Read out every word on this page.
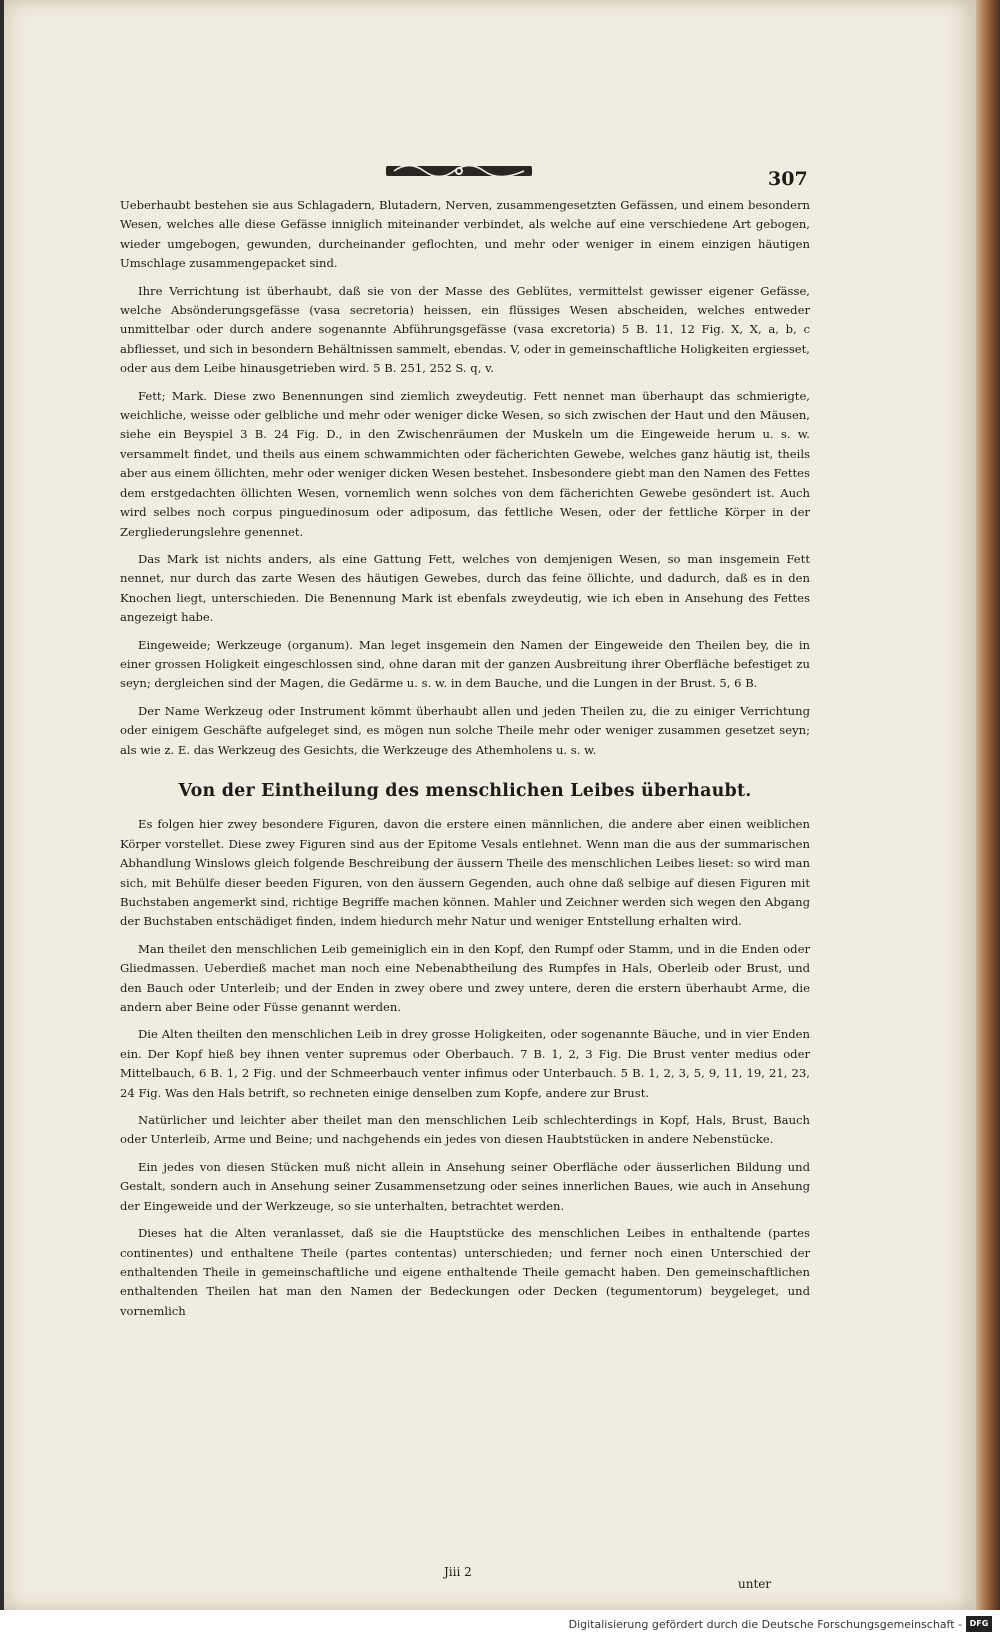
307

Ueberhaubt bestehen sie aus Schlagadern, Blutadern, Nerven, zusammengesetzten Gefässen, und einem besondern Wesen, welches alle diese Gefässe inniglich miteinander verbindet, als welche auf eine verschiedene Art gebogen, wieder umgebogen, gewunden, durcheinander geflochten, und mehr oder weniger in einem einzigen häutigen Umschlage zusammengepacket sind.

Ihre Verrichtung ist überhaubt, daß sie von der Masse des Geblütes, vermittelst gewisser eigener Gefässe, welche Absönderungsgefässe (vasa secretoria) heissen, ein flüssiges Wesen abscheiden, welches entweder unmittelbar oder durch andere sogenannte Abführungsgefässe (vasa excretoria) 5 B. 11, 12 Fig. X, X, a, b, c abfliesset, und sich in besondern Behältnissen sammelt, ebendas. V, oder in gemeinschaftliche Holigkeiten ergiesset, oder aus dem Leibe hinausgetrieben wird. 5 B. 251, 252 S. q, v.

Fett; Mark. Diese zwo Benennungen sind ziemlich zweydeutig. Fett nennet man überhaupt das schmierigte, weichliche, weisse oder gelbliche und mehr oder weniger dicke Wesen, so sich zwischen der Haut und den Mäusen, siehe ein Beyspiel 3 B. 24 Fig. D., in den Zwischenräumen der Muskeln um die Eingeweide herum u. s. w. versammelt findet, und theils aus einem schwammichten oder fächerichten Gewebe, welches ganz häutig ist, theils aber aus einem öllichten, mehr oder weniger dicken Wesen bestehet. Insbesondere giebt man den Namen des Fettes dem erstgedachten öllichten Wesen, vornemlich wenn solches von dem fächerichten Gewebe gesöndert ist. Auch wird selbes noch corpus pinguedinosum oder adiposum, das fettliche Wesen, oder der fettliche Körper in der Zergliederungslehre genennet.

Das Mark ist nichts anders, als eine Gattung Fett, welches von demjenigen Wesen, so man insgemein Fett nennet, nur durch das zarte Wesen des häutigen Gewebes, durch das feine öllichte, und dadurch, daß es in den Knochen liegt, unterschieden. Die Benennung Mark ist ebenfals zweydeutig, wie ich eben in Ansehung des Fettes angezeigt habe.

Eingeweide; Werkzeuge (organum). Man leget insgemein den Namen der Eingeweide den Theilen bey, die in einer grossen Holigkeit eingeschlossen sind, ohne daran mit der ganzen Ausbreitung ihrer Oberfläche befestiget zu seyn; dergleichen sind der Magen, die Gedärme u. s. w. in dem Bauche, und die Lungen in der Brust. 5, 6 B.

Der Name Werkzeug oder Instrument kömmt überhaubt allen und jeden Theilen zu, die zu einiger Verrichtung oder einigem Geschäfte aufgeleget sind, es mögen nun solche Theile mehr oder weniger zusammen gesetzet seyn; als wie z. E. das Werkzeug des Gesichts, die Werkzeuge des Athemholens u. s. w.

Von der Eintheilung des menschlichen Leibes überhaubt.

Es folgen hier zwey besondere Figuren, davon die erstere einen männlichen, die andere aber einen weiblichen Körper vorstellet. Diese zwey Figuren sind aus der Epitome Vesals entlehnet. Wenn man die aus der summarischen Abhandlung Winslows gleich folgende Beschreibung der äussern Theile des menschlichen Leibes lieset: so wird man sich, mit Behülfe dieser beeden Figuren, von den äussern Gegenden, auch ohne daß selbige auf diesen Figuren mit Buchstaben angemerkt sind, richtige Begriffe machen können. Mahler und Zeichner werden sich wegen den Abgang der Buchstaben entschädiget finden, indem hiedurch mehr Natur und weniger Entstellung erhalten wird.

Man theilet den menschlichen Leib gemeiniglich ein in den Kopf, den Rumpf oder Stamm, und in die Enden oder Gliedmassen. Ueberdieß machet man noch eine Nebenabtheilung des Rumpfes in Hals, Oberleib oder Brust, und den Bauch oder Unterleib; und der Enden in zwey obere und zwey untere, deren die erstern überhaubt Arme, die andern aber Beine oder Füsse genannt werden.

Die Alten theilten den menschlichen Leib in drey grosse Holigkeiten, oder sogenannte Bäuche, und in vier Enden ein. Der Kopf hieß bey ihnen venter supremus oder Oberbauch. 7 B. 1, 2, 3 Fig. Die Brust venter medius oder Mittelbauch, 6 B. 1, 2 Fig. und der Schmeerbauch venter infimus oder Unterbauch. 5 B. 1, 2, 3, 5, 9, 11, 19, 21, 23, 24 Fig. Was den Hals betrift, so rechneten einige denselben zum Kopfe, andere zur Brust.

Natürlicher und leichter aber theilet man den menschlichen Leib schlechterdings in Kopf, Hals, Brust, Bauch oder Unterleib, Arme und Beine; und nachgehends ein jedes von diesen Haubtstücken in andere Nebenstücke.

Ein jedes von diesen Stücken muß nicht allein in Ansehung seiner Oberfläche oder äusserlichen Bildung und Gestalt, sondern auch in Ansehung seiner Zusammensetzung oder seines innerlichen Baues, wie auch in Ansehung der Eingeweide und der Werkzeuge, so sie unterhalten, betrachtet werden.

Dieses hat die Alten veranlasset, daß sie die Hauptstücke des menschlichen Leibes in enthaltende (partes continentes) und enthaltene Theile (partes contentas) unterschieden; und ferner noch einen Unterschied der enthaltenden Theile in gemeinschaftliche und eigene enthaltende Theile gemacht haben. Den gemeinschaftlichen enthaltenden Theilen hat man den Namen der Bedeckungen oder Decken (tegumentorum) beygeleget, und vornemlich

Jiii 2
unter
Digitalisierung gefördert durch die Deutsche Forschungsgemeinschaft - DFG
